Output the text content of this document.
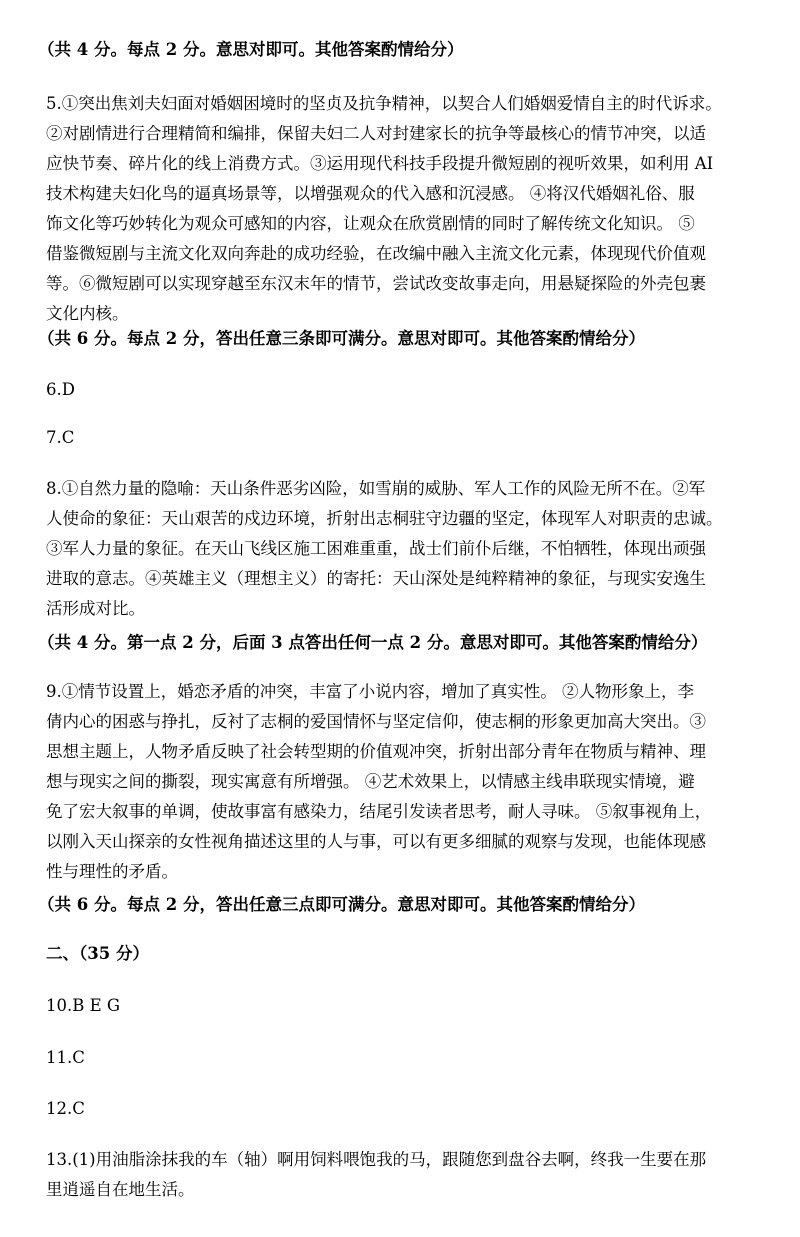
（共 4 分。每点 2 分。意思对即可。其他答案酌情给分）
5.①突出焦刘夫妇面对婚姻困境时的坚贞及抗争精神，以契合人们婚姻爱情自主的时代诉求。
②对剧情进行合理精简和编排，保留夫妇二人对封建家长的抗争等最核心的情节冲突，以适
应快节奏、碎片化的线上消费方式。③运用现代科技手段提升微短剧的视听效果，如利用 AI
技术构建夫妇化鸟的逼真场景等，以增强观众的代入感和沉浸感。 ④将汉代婚姻礼俗、服
饰文化等巧妙转化为观众可感知的内容，让观众在欣赏剧情的同时了解传统文化知识。 ⑤
借鉴微短剧与主流文化双向奔赴的成功经验，在改编中融入主流文化元素，体现现代价值观
等。⑥微短剧可以实现穿越至东汉末年的情节，尝试改变故事走向，用悬疑探险的外壳包裹
文化内核。
（共 6 分。每点 2 分，答出任意三条即可满分。意思对即可。其他答案酌情给分）
6.D
7.C
8.①自然力量的隐喻：天山条件恶劣凶险，如雪崩的威胁、军人工作的风险无所不在。②军
人使命的象征：天山艰苦的戍边环境，折射出志桐驻守边疆的坚定，体现军人对职责的忠诚。
③军人力量的象征。在天山飞线区施工困难重重，战士们前仆后继，不怕牺牲，体现出顽强
进取的意志。④英雄主义（理想主义）的寄托：天山深处是纯粹精神的象征，与现实安逸生
活形成对比。
（共 4 分。第一点 2 分，后面 3 点答出任何一点 2 分。意思对即可。其他答案酌情给分）
9.①情节设置上，婚恋矛盾的冲突，丰富了小说内容，增加了真实性。 ②人物形象上，李
倩内心的困惑与挣扎，反衬了志桐的爱国情怀与坚定信仰，使志桐的形象更加高大突出。③
思想主题上，人物矛盾反映了社会转型期的价值观冲突，折射出部分青年在物质与精神、理
想与现实之间的撕裂，现实寓意有所增强。 ④艺术效果上，以情感主线串联现实情境，避
免了宏大叙事的单调，使故事富有感染力，结尾引发读者思考，耐人寻味。 ⑤叙事视角上，
以刚入天山探亲的女性视角描述这里的人与事，可以有更多细腻的观察与发现，也能体现感
性与理性的矛盾。
（共 6 分。每点 2 分，答出任意三点即可满分。意思对即可。其他答案酌情给分）
二、（35 分）
10.B E G
11.C
12.C
13.(1)用油脂涂抹我的车（轴）啊用饲料喂饱我的马，跟随您到盘谷去啊，终我一生要在那
里逍遥自在地生活。
